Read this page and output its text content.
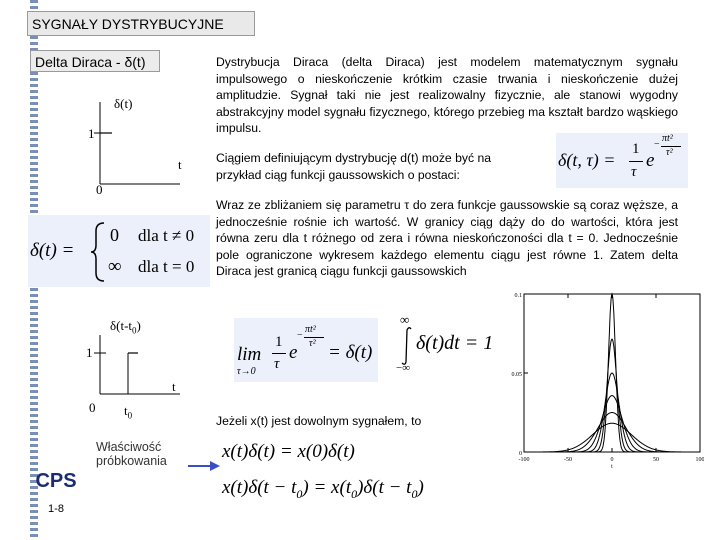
SYGNAŁY DYSTRYBUCYJNE
Delta Diraca - δ(t)	Dystrybucja Diraca (delta Diraca) jest modelem matematycznym sygnału impulsowego o nieskończenie krótkim czasie trwania i nieskończenie dużej amplitudzie. Sygnał taki nie jest realizowalny fizycznie, ale stanowi wygodny abstrakcyjny model sygnału fizycznego, którego przebieg ma kształt bardzo wąskiego impulsu.
Ciągiem definiującym dystrybucję d(t) może być na przykład ciąg funkcji gaussowskich o postaci:
Wraz ze zbliżaniem się parametru τ do zera funkcje gaussowskie są coraz węższe, a jednocześnie rośnie ich wartość. W granicy ciąg dąży do do wartości, która jest równa zeru dla t różnego od zera i równa nieskończoności dla t = 0. Jednocześnie pole ograniczone wykresem każdego elementu ciągu jest równe 1. Zatem delta Diraca jest granicą ciągu funkcji gaussowskich
Jeżeli x(t) jest dowolnym sygnałem, to
δ(t)
1
0
t
δ(t) =
0 dla t ≠ 0
∞ dla t = 0
δ(t, τ) =
1
τ
e
−
πt²
τ²
$\delta(t-t_0)$
1
0
t
$t_0$
lim
τ→0
1
τ
e
−
πt²
τ² = δ(t)
∞
−∞
δ(t)dt = 1
0
0.05
0.1
-100	-50	0	50	100
t
x(t)δ(t) = x(0)δ(t)
$x(t)\delta(t - t_0) = x(t_0)\delta(t - t_0)$
Właściwość
próbkowania
CPS
1-8
